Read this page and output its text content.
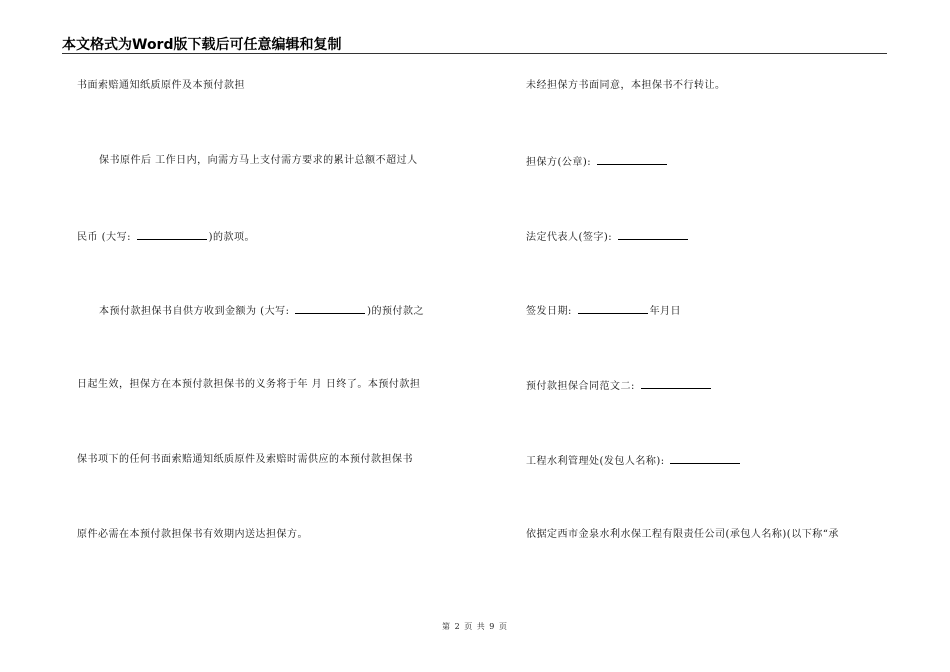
本文格式为Word版下载后可任意编辑和复制
书面索赔通知纸质原件及本预付款担
保书原件后 工作日内，向需方马上支付需方要求的累计总额不超过人
民币 (大写:	)的款项。
本预付款担保书自供方收到金额为 (大写:	)的预付款之
日起生效，担保方在本预付款担保书的义务将于年 月 日终了。本预付款担
保书项下的任何书面索赔通知纸质原件及索赔时需供应的本预付款担保书
原件必需在本预付款担保书有效期内送达担保方。
未经担保方书面同意，本担保书不行转让。
担保方(公章):
法定代表人(签字):
签发日期:	年月日
预付款担保合同范文二:
工程水利管理处(发包人名称):
依据定西市金泉水利水保工程有限责任公司(承包人名称)(以下称“承
第 2 页 共 9 页
